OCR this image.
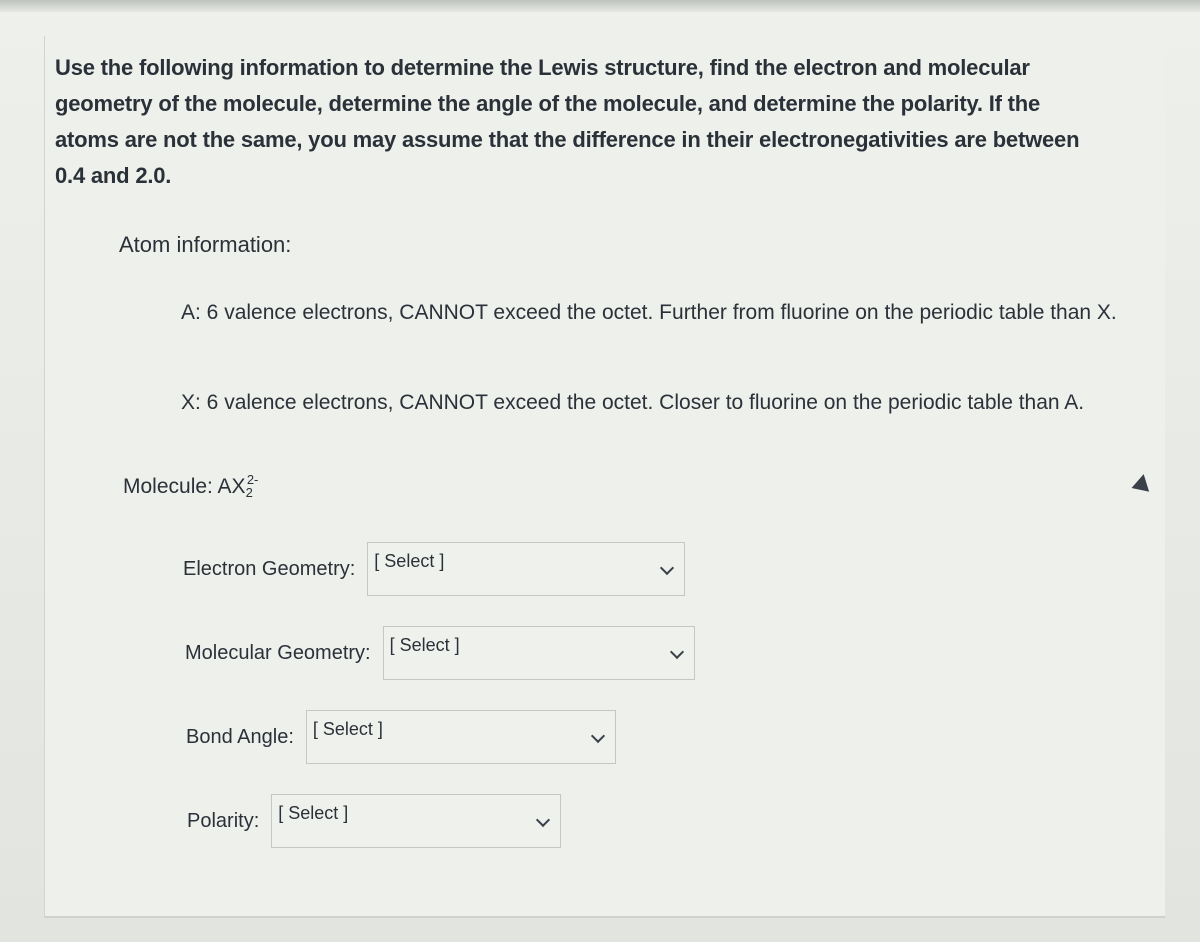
Use the following information to determine the Lewis structure, find the electron and molecular
geometry of the molecule, determine the angle of the molecule, and determine the polarity. If the
atoms are not the same, you may assume that the difference in their electronegativities are between
0.4 and 2.0.

Atom information:

A: 6 valence electrons, CANNOT exceed the octet. Further from fluorine on the periodic table than X.

X: 6 valence electrons, CANNOT exceed the octet. Closer to fluorine on the periodic table than A.

Molecule: $AX_2^{2-}$
Electron Geometry: [ Select ]
Molecular Geometry: [ Select ]
Bond Angle: [ Select ]
Polarity: [ Select ]
